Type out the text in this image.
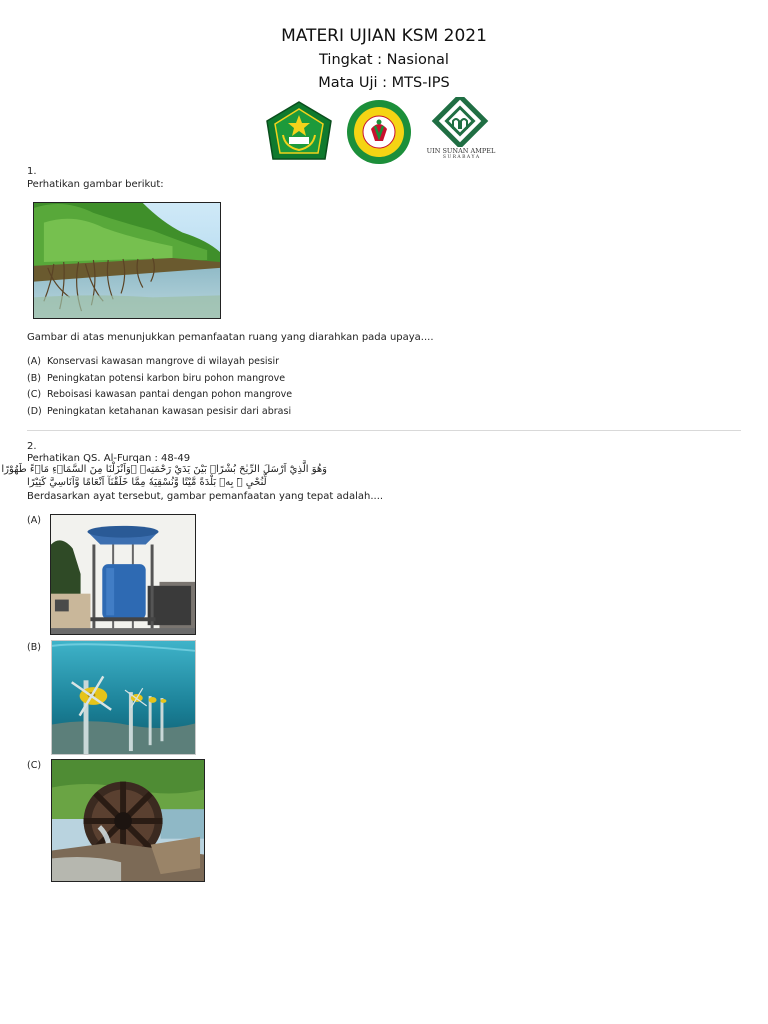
MATERI UJIAN KSM 2021
Tingkat : Nasional
Mata Uji : MTS-IPS
UIN SUNAN AMPEL
S U R A B A Y A
1.
Perhatikan gambar berikut:
Gambar di atas menunjukkan pemanfaatan ruang yang diarahkan pada upaya....
(A) Konservasi kawasan mangrove di wilayah pesisir
(B) Peningkatan potensi karbon biru pohon mangrove
(C) Reboisasi kawasan pantai dengan pohon mangrove
(D) Peningkatan ketahanan kawasan pesisir dari abrasi
2.
Perhatikan QS. Al-Furqan : 48-49
وَهُوَ الَّذِيْٓ اَرْسَلَ الرِّيٰحَ بُشْرًاۢ بَيْنَ يَدَيْ رَحْمَتِهٖ ۚوَاَنْزَلْنَا مِنَ السَّمَاۤءِ مَاۤءً طَهُوْرًا
لِّنُحْيِ َۧ بِهٖ بَلْدَةً مَّيْتًا وَّنُسْقِيَهٗ مِمَّا خَلَقْنَآ اَنْعَامًا وَّاَنَاسِيَّ كَثِيْرًا
Berdasarkan ayat tersebut, gambar pemanfaatan yang tepat adalah....
(A)
(B)
(C)
